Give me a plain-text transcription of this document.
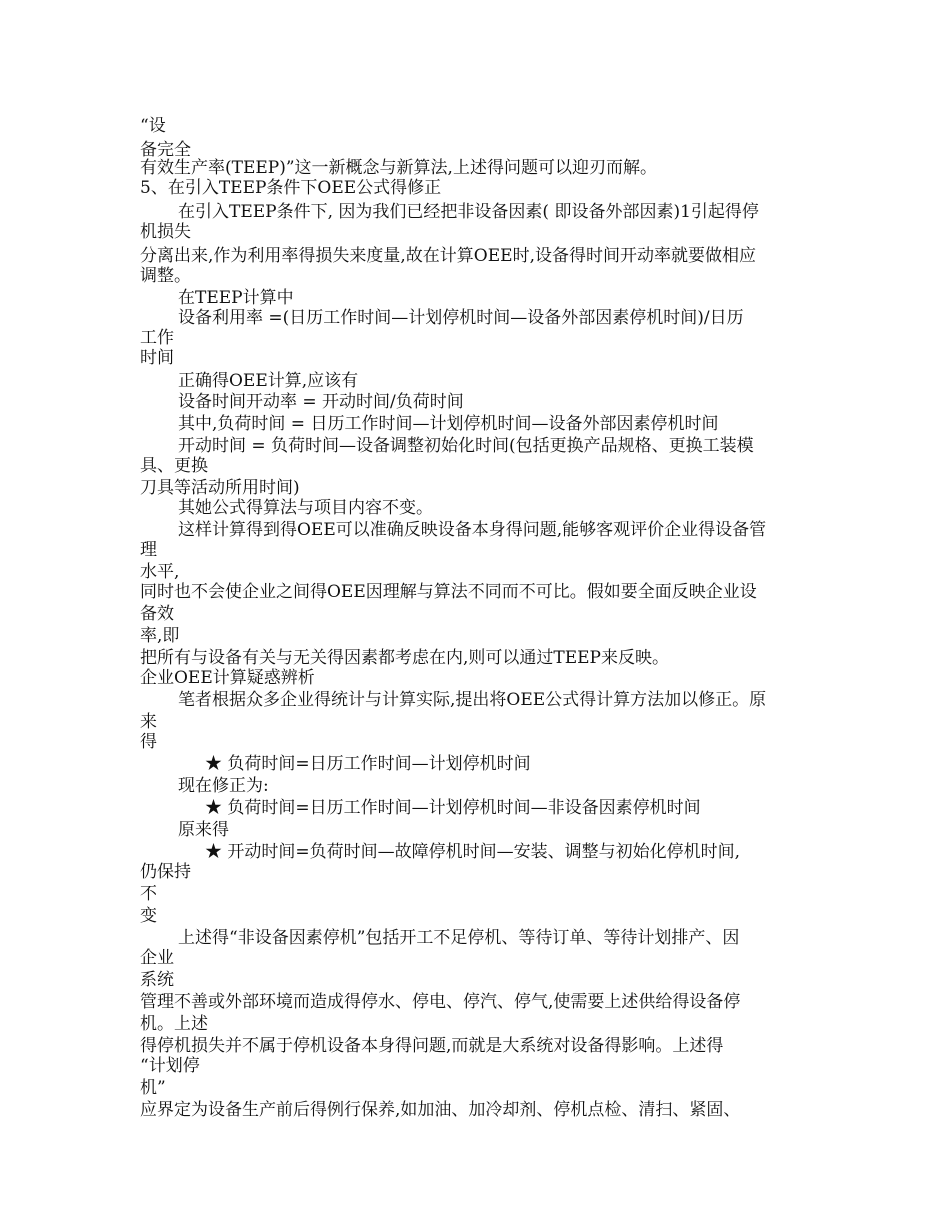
“设
备完全
有效生产率(TEEP)”这一新概念与新算法,上述得问题可以迎刃而解。
5、在引入TEEP条件下OEE公式得修正
在引入TEEP条件下, 因为我们已经把非设备因素( 即设备外部因素)1引起得停
机损失
分离出来,作为利用率得损失来度量,故在计算OEE时,设备得时间开动率就要做相应
调整。
在TEEP计算中
设备利用率 =(日历工作时间—计划停机时间—设备外部因素停机时间)/日历
工作
时间
正确得OEE计算,应该有
设备时间开动率 = 开动时间/负荷时间
其中,负荷时间 = 日历工作时间—计划停机时间—设备外部因素停机时间
开动时间 = 负荷时间—设备调整初始化时间(包括更换产品规格、更换工装模
具、更换
刀具等活动所用时间)
其她公式得算法与项目内容不变。
这样计算得到得OEE可以准确反映设备本身得问题,能够客观评价企业得设备管
理
水平,
同时也不会使企业之间得OEE因理解与算法不同而不可比。假如要全面反映企业设
备效
率,即
把所有与设备有关与无关得因素都考虑在内,则可以通过TEEP来反映。
企业OEE计算疑惑辨析
笔者根据众多企业得统计与计算实际,提出将OEE公式得计算方法加以修正。原
来
得
★ 负荷时间=日历工作时间—计划停机时间
现在修正为:
★ 负荷时间=日历工作时间—计划停机时间—非设备因素停机时间
原来得
★ 开动时间=负荷时间—故障停机时间—安装、调整与初始化停机时间,
仍保持
不
变
上述得“非设备因素停机”包括开工不足停机、等待订单、等待计划排产、因
企业
系统
管理不善或外部环境而造成得停水、停电、停汽、停气,使需要上述供给得设备停
机。上述
得停机损失并不属于停机设备本身得问题,而就是大系统对设备得影响。上述得
“计划停
机”
应界定为设备生产前后得例行保养,如加油、加冷却剂、停机点检、清扫、紧固、
